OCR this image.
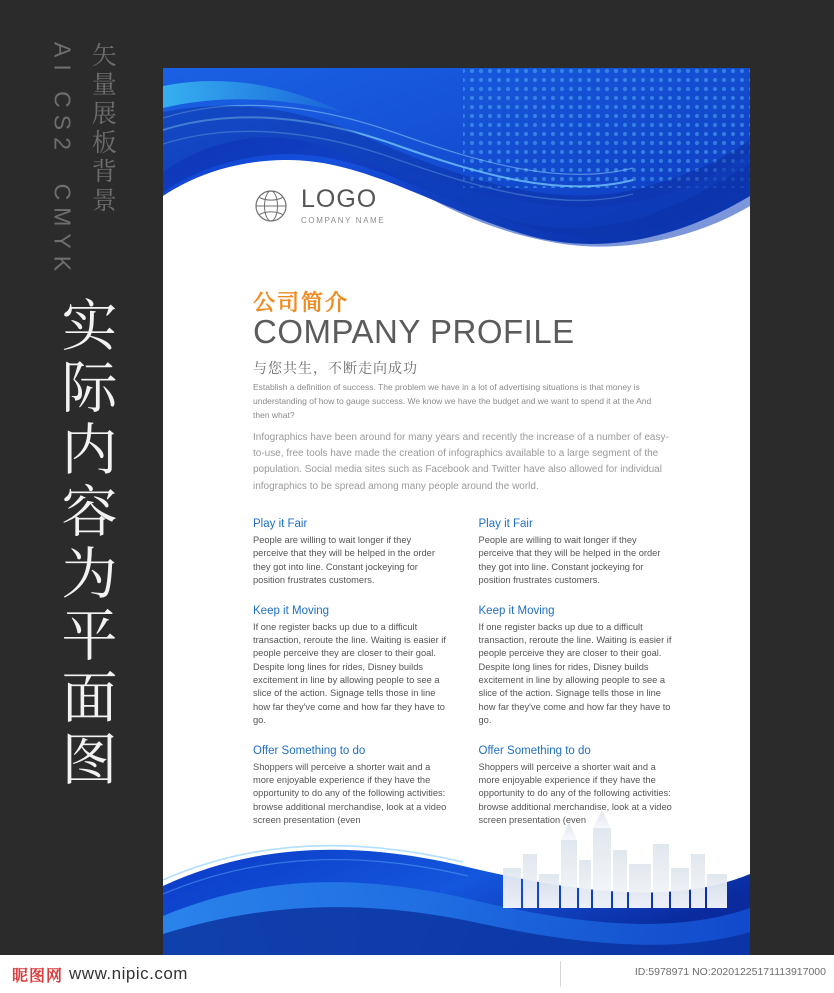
矢量展板背景
AI CS2  CMYK
实际内容为平面图
LOGO
COMPANY NAME
公司简介
COMPANY PROFILE
与您共生，不断走向成功
Establish a definition of success. The problem we have in a lot of advertising situations is that money is understanding of how to gauge success. We know we have the budget and we want to spend it at the And then what?
Infographics have been around for many years and recently the increase of a number of easy-to-use, free tools have made the creation of infographics available to a large segment of the population. Social media sites such as Facebook and Twitter have also allowed for individual infographics to be spread among many people around the world.
Play it Fair

People are willing to wait longer if they perceive that they will be helped in the order they got into line. Constant jockeying for position frustrates customers.

Keep it Moving

If one register backs up due to a difficult transaction, reroute the line. Waiting is easier if people perceive they are closer to their goal. Despite long lines for rides, Disney builds excitement in line by allowing people to see a slice of the action. Signage tells those in line how far they've come and how far they have to go.

Offer Something to do

Shoppers will perceive a shorter wait and a more enjoyable experience if they have the opportunity to do any of the following activities: browse additional merchandise, look at a video screen presentation (even

Play it Fair

People are willing to wait longer if they perceive that they will be helped in the order they got into line. Constant jockeying for position frustrates customers.

Keep it Moving

If one register backs up due to a difficult transaction, reroute the line. Waiting is easier if people perceive they are closer to their goal. Despite long lines for rides, Disney builds excitement in line by allowing people to see a slice of the action. Signage tells those in line how far they've come and how far they have to go.

Offer Something to do

Shoppers will perceive a shorter wait and a more enjoyable experience if they have the opportunity to do any of the following activities: browse additional merchandise, look at a video screen presentation (even

昵图网 www.nipic.com	ID:5978971 NO:20201225171113917000
